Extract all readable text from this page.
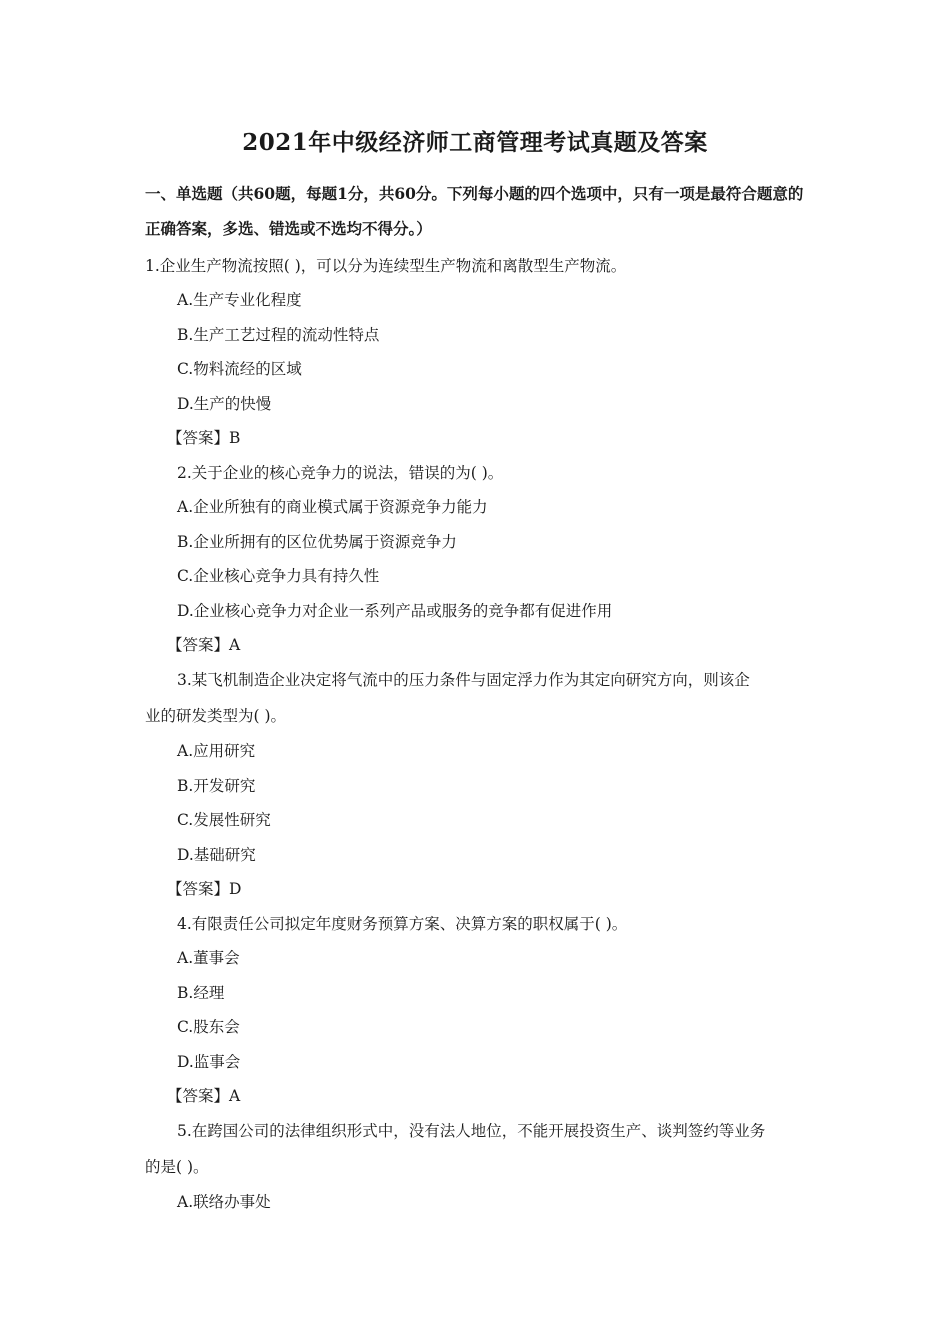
2021年中级经济师工商管理考试真题及答案
一、单选题（共60题，每题1分，共60分。下列每小题的四个选项中，只有一项是最符合题意的正确答案，多选、错选或不选均不得分。）
1.企业生产物流按照( )，可以分为连续型生产物流和离散型生产物流。
A.生产专业化程度
B.生产工艺过程的流动性特点
C.物料流经的区域
D.生产的快慢
【答案】B
2.关于企业的核心竞争力的说法，错误的为( )。
A.企业所独有的商业模式属于资源竞争力能力
B.企业所拥有的区位优势属于资源竞争力
C.企业核心竞争力具有持久性
D.企业核心竞争力对企业一系列产品或服务的竞争都有促进作用
【答案】A
3.某飞机制造企业决定将气流中的压力条件与固定浮力作为其定向研究方向，则该企
业的研发类型为( )。
A.应用研究
B.开发研究
C.发展性研究
D.基础研究
【答案】D
4.有限责任公司拟定年度财务预算方案、决算方案的职权属于( )。
A.董事会
B.经理
C.股东会
D.监事会
【答案】A
5.在跨国公司的法律组织形式中，没有法人地位，不能开展投资生产、谈判签约等业务
的是( )。
A.联络办事处
